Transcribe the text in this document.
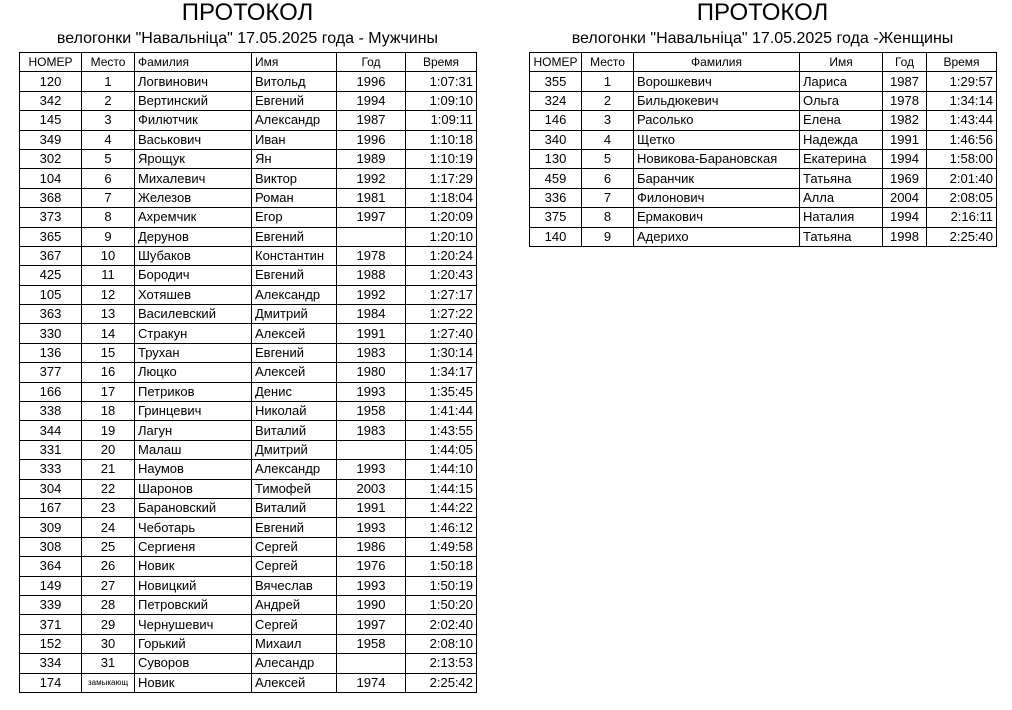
ПРОТОКОЛ
велогонки "Навальніца" 17.05.2025 года - Мужчины
НОМЕР	Место	Фамилия	Имя	Год	Время
120	1	Логвинович	Витольд	1996	1:07:31
342	2	Вертинский	Евгений	1994	1:09:10
145	3	Филютчик	Александр	1987	1:09:11
349	4	Васькович	Иван	1996	1:10:18
302	5	Ярощук	Ян	1989	1:10:19
104	6	Михалевич	Виктор	1992	1:17:29
368	7	Железов	Роман	1981	1:18:04
373	8	Ахремчик	Егор	1997	1:20:09
365	9	Дерунов	Евгений		1:20:10
367	10	Шубаков	Константин	1978	1:20:24
425	11	Бородич	Евгений	1988	1:20:43
105	12	Хотяшев	Александр	1992	1:27:17
363	13	Василевский	Дмитрий	1984	1:27:22
330	14	Стракун	Алексей	1991	1:27:40
136	15	Трухан	Евгений	1983	1:30:14
377	16	Люцко	Алексей	1980	1:34:17
166	17	Петриков	Денис	1993	1:35:45
338	18	Гринцевич	Николай	1958	1:41:44
344	19	Лагун	Виталий	1983	1:43:55
331	20	Малаш	Дмитрий		1:44:05
333	21	Наумов	Александр	1993	1:44:10
304	22	Шаронов	Тимофей	2003	1:44:15
167	23	Барановский	Виталий	1991	1:44:22
309	24	Чеботарь	Евгений	1993	1:46:12
308	25	Сергиеня	Сергей	1986	1:49:58
364	26	Новик	Сергей	1976	1:50:18
149	27	Новицкий	Вячеслав	1993	1:50:19
339	28	Петровский	Андрей	1990	1:50:20
371	29	Чернушевич	Сергей	1997	2:02:40
152	30	Горький	Михаил	1958	2:08:10
334	31	Суворов	Алесандр		2:13:53
174	замыкающ	Новик	Алексей	1974	2:25:42
ПРОТОКОЛ
велогонки "Навальніца" 17.05.2025 года -Женщины
НОМЕР	Место	Фамилия	Имя	Год	Время
355	1	Ворошкевич	Лариса	1987	1:29:57
324	2	Бильдюкевич	Ольга	1978	1:34:14
146	3	Расолько	Елена	1982	1:43:44
340	4	Щетко	Надежда	1991	1:46:56
130	5	Новикова-Барановская	Екатерина	1994	1:58:00
459	6	Баранчик	Татьяна	1969	2:01:40
336	7	Филонович	Алла	2004	2:08:05
375	8	Ермакович	Наталия	1994	2:16:11
140	9	Адерихо	Татьяна	1998	2:25:40
